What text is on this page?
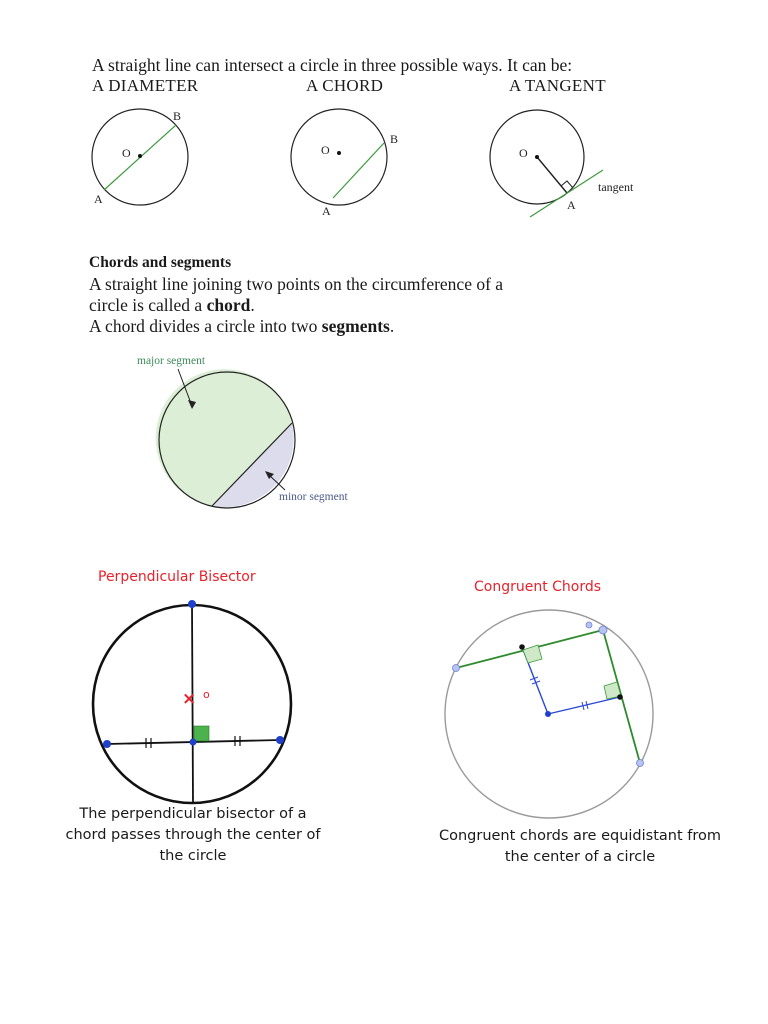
A straight line can intersect a circle in three possible ways. It can be:

A DIAMETER	A CHORD	A TANGENT

O
B
A
O
B
A
O
A
tangent
major segment
minor segment
× o

Chords and segments

A straight line joining two points on the circumference of a

circle is called a chord.

A chord divides a circle into two segments.

Perpendicular Bisector

The perpendicular bisector of a chord passes through the center of the circle

Congruent Chords

Congruent chords are equidistant from the center of a circle
